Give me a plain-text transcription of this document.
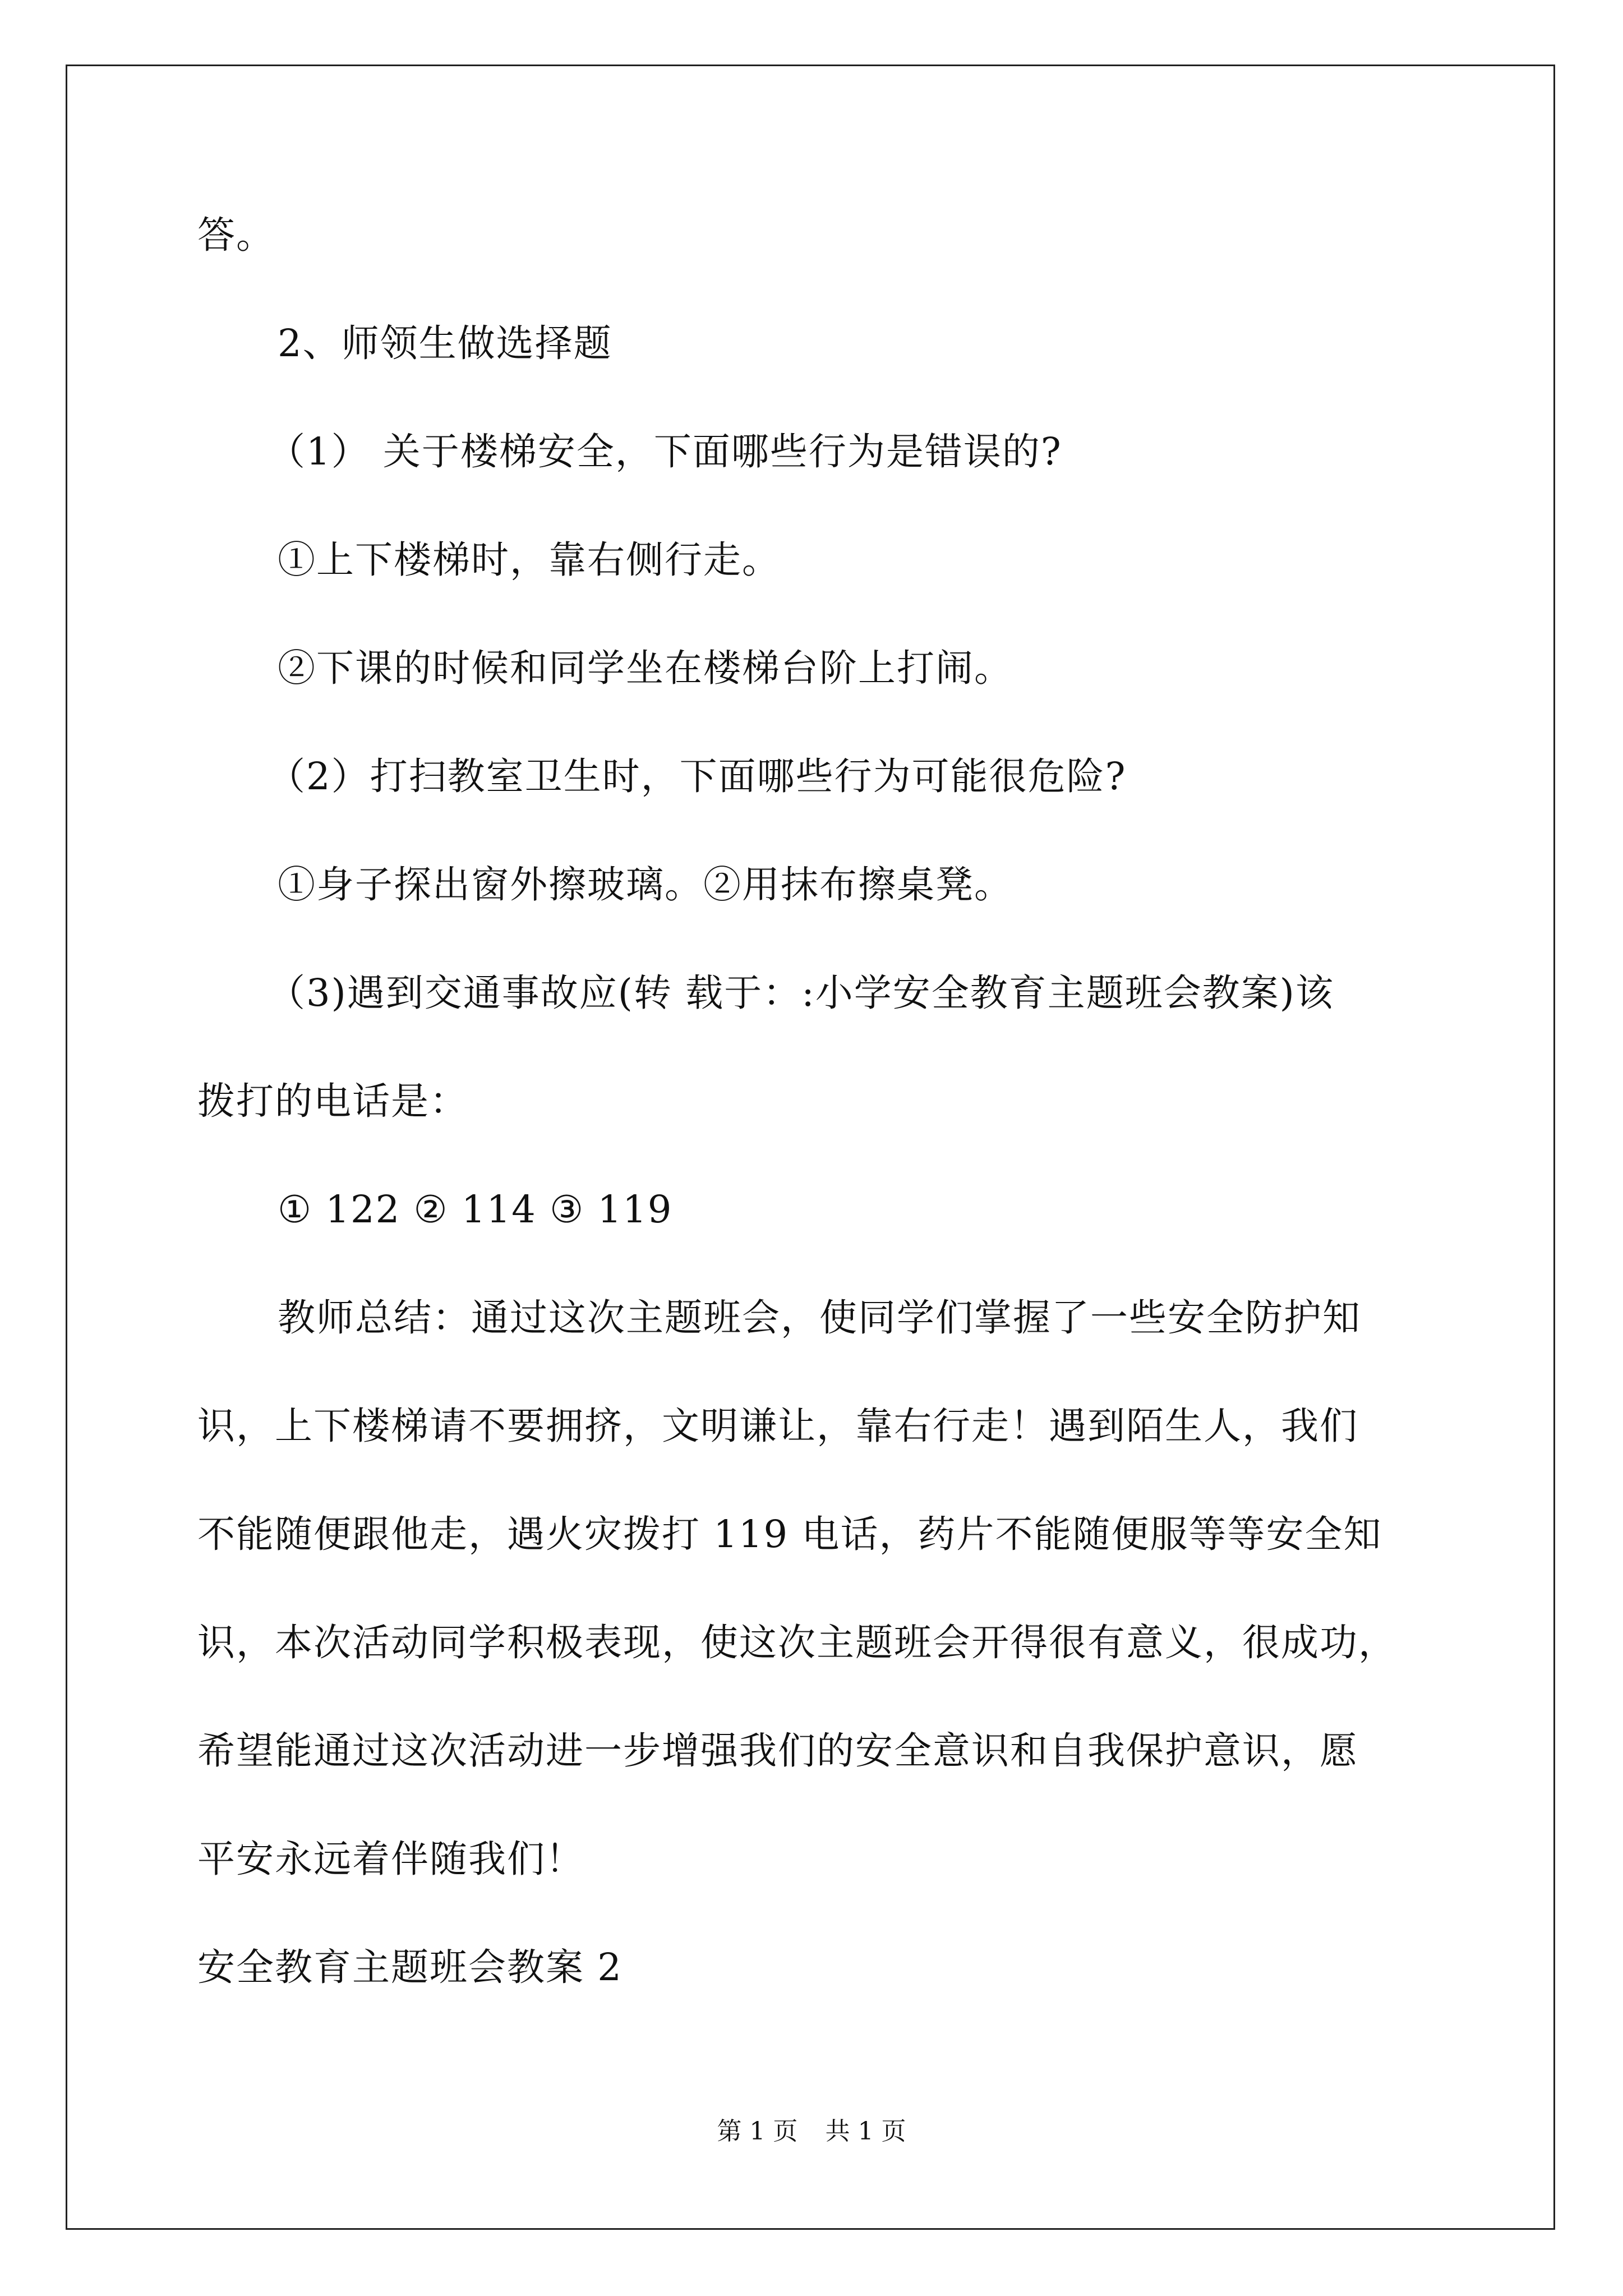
答。
2、师领生做选择题
（1） 关于楼梯安全，下面哪些行为是错误的?
①上下楼梯时，靠右侧行走。
②下课的时候和同学坐在楼梯台阶上打闹。
（2）打扫教室卫生时，下面哪些行为可能很危险?
①身子探出窗外擦玻璃。②用抹布擦桌凳。
（3)遇到交通事故应(转 载于：:小学安全教育主题班会教案)该
拨打的电话是：
① 122 ② 114 ③ 119
教师总结：通过这次主题班会，使同学们掌握了一些安全防护知
识，上下楼梯请不要拥挤，文明谦让，靠右行走！遇到陌生人，我们
不能随便跟他走，遇火灾拨打 119 电话，药片不能随便服等等安全知
识，本次活动同学积极表现，使这次主题班会开得很有意义，很成功，
希望能通过这次活动进一步增强我们的安全意识和自我保护意识，愿
平安永远着伴随我们！
安全教育主题班会教案 2
第 1 页 共 1 页
